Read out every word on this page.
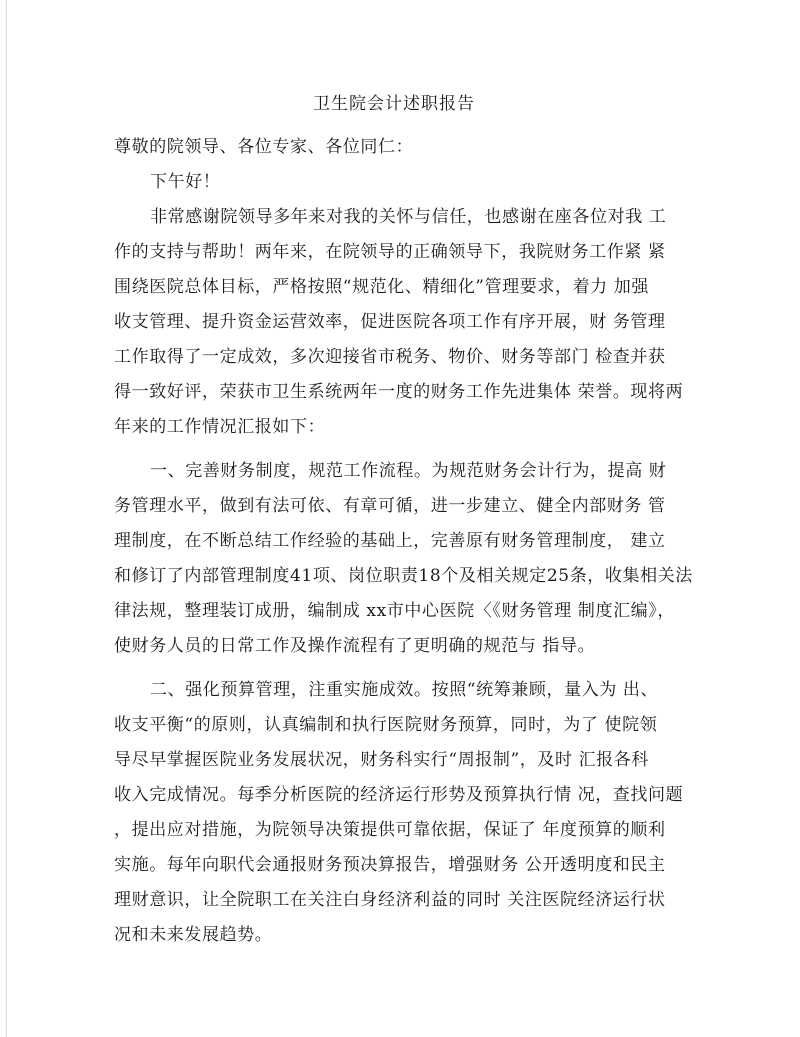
卫生院会计述职报告

尊敬的院领导、各位专家、各位同仁：

下午好！

非常感谢院领导多年来对我的关怀与信任，也感谢在座各位对我 工

作的支持与帮助！两年来，在院领导的正确领导下，我院财务工作紧 紧

围绕医院总体目标，严格按照“规范化、精细化”管理要求，着力 加强

收支管理、提升资金运营效率，促进医院各项工作有序开展，财 务管理

工作取得了一定成效，多次迎接省市税务、物价、财务等部门 检查并获

得一致好评，荣获市卫生系统两年一度的财务工作先进集体 荣誉。现将两

年来的工作情况汇报如下：

一、完善财务制度，规范工作流程。为规范财务会计行为，提高 财

务管理水平，做到有法可依、有章可循，进一步建立、健全内部财务 管

理制度，在不断总结工作经验的基础上，完善原有财务管理制度， 建立

和修订了内部管理制度41项、岗位职责18个及相关规定25条，收集相关法

律法规，整理装订成册，编制成 xx市中心医院〈《财务管理 制度汇编》，

使财务人员的日常工作及操作流程有了更明确的规范与 指导。

二、强化预算管理，注重实施成效。按照“统筹兼顾，量入为 出、

收支平衡“的原则，认真编制和执行医院财务预算，同时，为了 使院领

导尽早掌握医院业务发展状况，财务科实行“周报制”，及时 汇报各科

收入完成情况。每季分析医院的经济运行形势及预算执行情 况，查找问题

，提出应对措施，为院领导决策提供可靠依据，保证了 年度预算的顺利

实施。每年向职代会通报财务预决算报告，增强财务 公开透明度和民主

理财意识，让全院职工在关注白身经济利益的同时 关注医院经济运行状

况和未来发展趋势。
